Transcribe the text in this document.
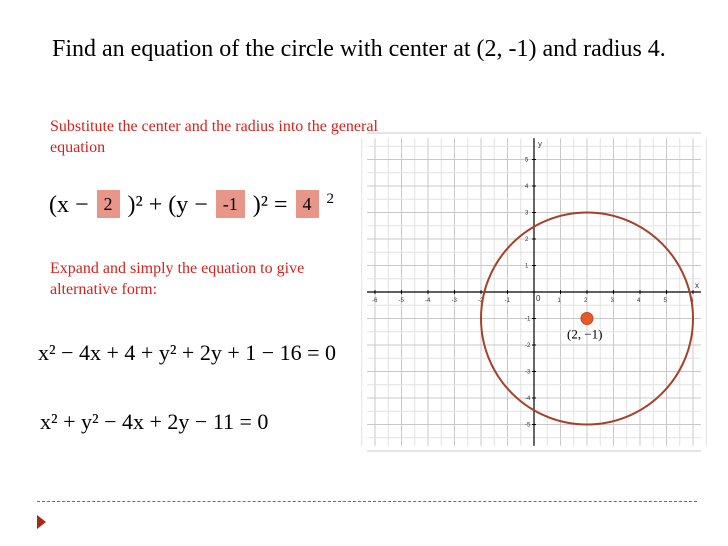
Find an equation of the circle with center at (2, -1) and radius 4.
Substitute the center and the radius into the general equation
(x − 2 )² + (y − -1 )² = 4 $^2$
Expand and simply the equation to give alternative form:
x² − 4x + 4 + y² + 2y + 1 − 16 = 0
x² + y² − 4x + 2y − 11 = 0
-6	-5	-4	-3	-2	-1	1	2	3	4	5	6
5
4
3
2
1
-1
-2
-3
-4
-5
0
x
y
(2, −1)
